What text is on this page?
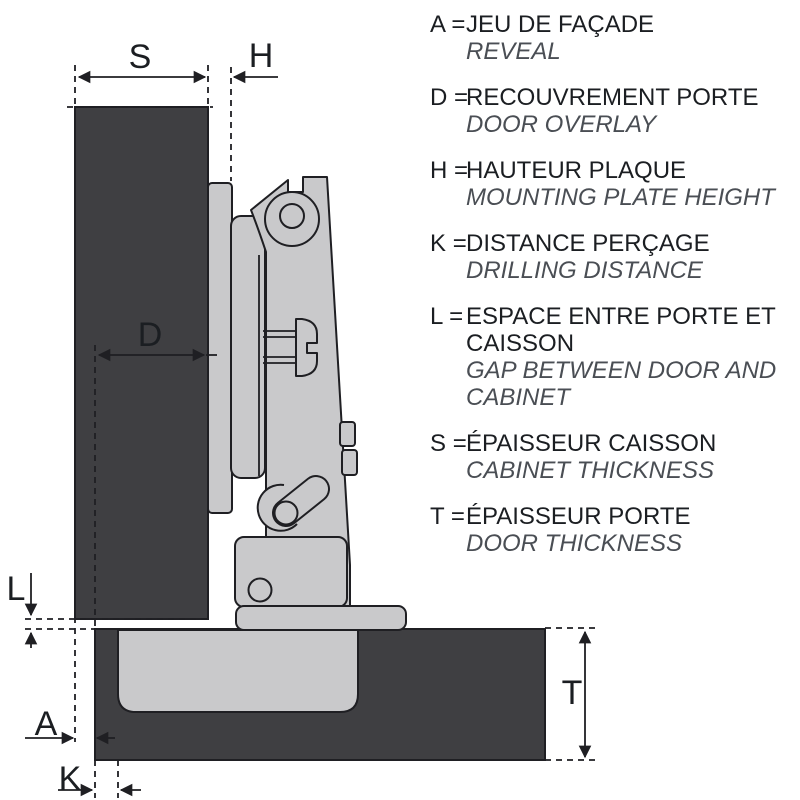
S	H
D
L
A
K
T
A = JEU DE FAÇADE
REVEAL
D =
RECOUVREMENT PORTE
DOOR OVERLAY
H =
HAUTEUR PLAQUE
MOUNTING PLATE HEIGHT
K = DISTANCE PERÇAGE
DRILLING DISTANCE
L = ESPACE ENTRE PORTE ET CAISSON
GAP BETWEEN DOOR AND CABINET
S = ÉPAISSEUR CAISSON
CABINET THICKNESS
T = ÉPAISSEUR PORTE
DOOR THICKNESS
